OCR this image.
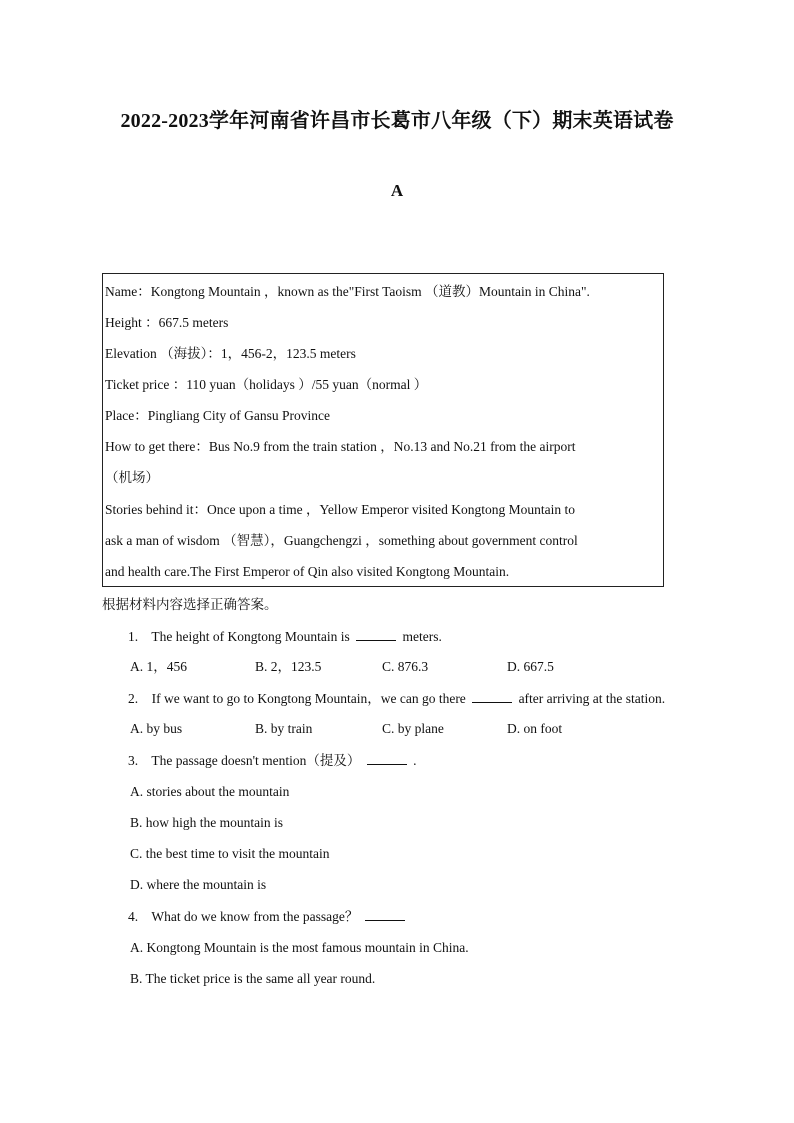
2022-2023学年河南省许昌市长葛市八年级（下）期末英语试卷
A
Name：Kongtong Mountain ，known as the"First Taoism （道教）Mountain in China".
Height ：667.5 meters
Elevation （海拔）：1，456-2，123.5 meters
Ticket price ：110 yuan（holidays ）/55 yuan（normal ）
Place：Pingliang City of Gansu Province
How to get there：Bus No.9 from the train station ，No.13 and No.21 from the airport
（机场）
Stories behind it：Once upon a time ，Yellow Emperor visited Kongtong Mountain to
ask a man of wisdom （智慧），Guangchengzi ，something about government control
and health care.The First Emperor of Qin also visited Kongtong Mountain.
根据材料内容选择正确答案。
1. The height of Kongtong Mountain is	meters.
A. 1，456	B. 2，123.5	C. 876.3	D. 667.5
2. If we want to go to Kongtong Mountain，we can go there	after arriving at the station.
A. by bus	B. by train	C. by plane	D. on foot
3. The passage doesn't mention（提及）	.
A. stories about the mountain
B. how high the mountain is
C. the best time to visit the mountain
D. where the mountain is
4. What do we know from the passage？
A. Kongtong Mountain is the most famous mountain in China.
B. The ticket price is the same all year round.
